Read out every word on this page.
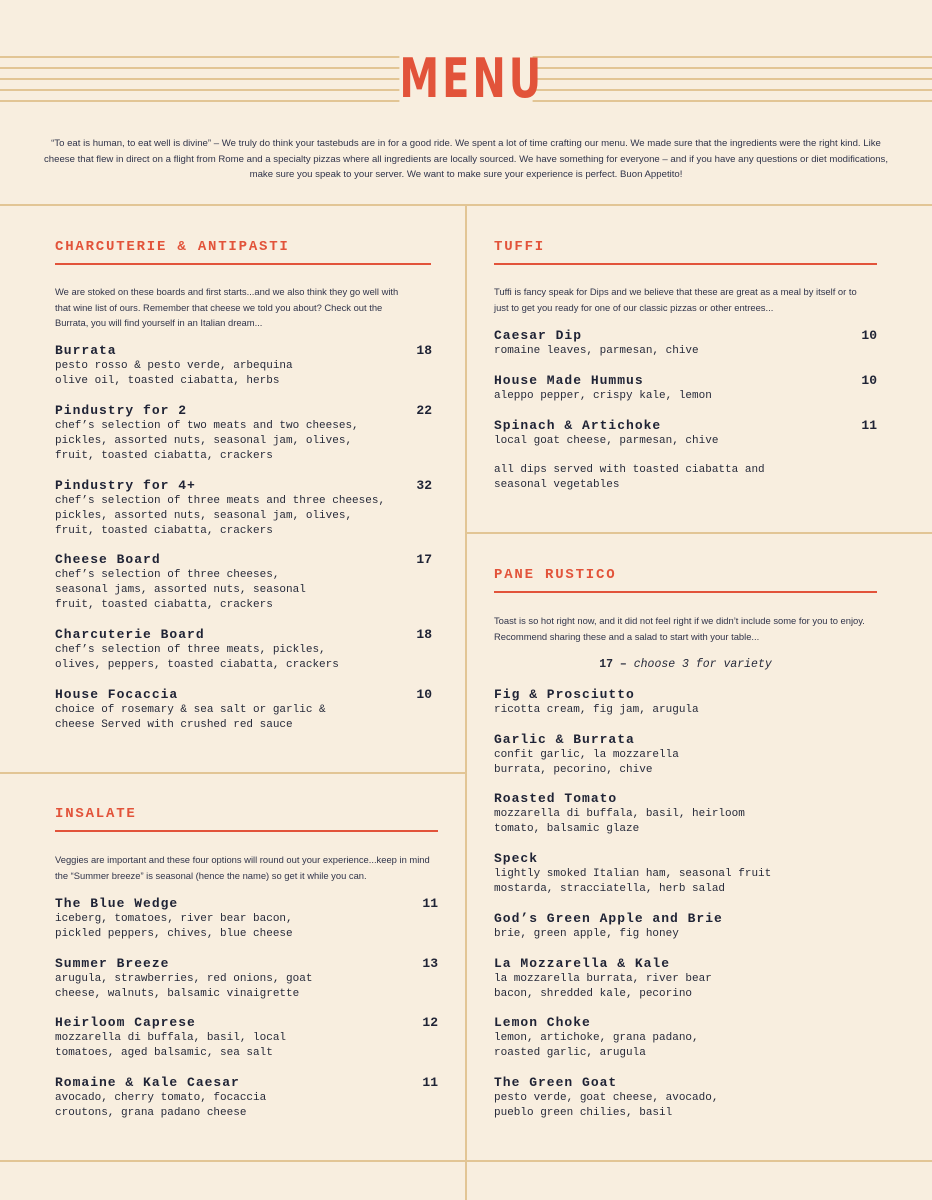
MENU
“To eat is human, to eat well is divine” – We truly do think your tastebuds are in for a good ride. We spent a lot of time crafting our menu. We made sure that the ingredients were the right kind. Like cheese that flew in direct on a flight from Rome and a specialty pizzas where all ingredients are locally sourced. We have something for everyone – and if you have any questions or diet modifications, make sure you speak to your server. We want to make sure your experience is perfect. Buon Appetito!
CHARCUTERIE & ANTIPASTI
We are stoked on these boards and first starts...and we also think they go well with that wine list of ours. Remember that cheese we told you about? Check out the Burrata, you will find yourself in an Italian dream...
Burrata	18
pesto rosso & pesto verde, arbequina olive oil, toasted ciabatta, herbs
Pindustry for 2	22
chef’s selection of two meats and two cheeses, pickles, assorted nuts, seasonal jam, olives, fruit, toasted ciabatta, crackers
Pindustry for 4+	32
chef’s selection of three meats and three cheeses, pickles, assorted nuts, seasonal jam, olives, fruit, toasted ciabatta, crackers
Cheese Board	17
chef’s selection of three cheeses, seasonal jams, assorted nuts, seasonal fruit, toasted ciabatta, crackers
Charcuterie Board	18
chef’s selection of three meats, pickles, olives, peppers, toasted ciabatta, crackers
House Focaccia	10
choice of rosemary & sea salt or garlic & cheese Served with crushed red sauce
INSALATE
Veggies are important and these four options will round out your experience...keep in mind the “Summer breeze” is seasonal (hence the name) so get it while you can.
The Blue Wedge	11
iceberg, tomatoes, river bear bacon, pickled peppers, chives, blue cheese
Summer Breeze	13
arugula, strawberries, red onions, goat cheese, walnuts, balsamic vinaigrette
Heirloom Caprese	12
mozzarella di buffala, basil, local tomatoes, aged balsamic, sea salt
Romaine & Kale Caesar	11
avocado, cherry tomato, focaccia croutons, grana padano cheese
TUFFI
Tuffi is fancy speak for Dips and we believe that these are great as a meal by itself or to just to get you ready for one of our classic pizzas or other entrees...
Caesar Dip	10
romaine leaves, parmesan, chive
House Made Hummus	10
aleppo pepper, crispy kale, lemon
Spinach & Artichoke	11
local goat cheese, parmesan, chive
all dips served with toasted ciabatta and seasonal vegetables
PANE RUSTICO
Toast is so hot right now, and it did not feel right if we didn’t include some for you to enjoy. Recommend sharing these and a salad to start with your table...
17 – choose 3 for variety
Fig & Prosciutto
ricotta cream, fig jam, arugula
Garlic & Burrata
confit garlic, la mozzarella burrata, pecorino, chive
Roasted Tomato
mozzarella di buffala, basil, heirloom tomato, balsamic glaze
Speck
lightly smoked Italian ham, seasonal fruit mostarda, stracciatella, herb salad
God’s Green Apple and Brie
brie, green apple, fig honey
La Mozzarella & Kale
la mozzarella burrata, river bear bacon, shredded kale, pecorino
Lemon Choke
lemon, artichoke, grana padano, roasted garlic, arugula
The Green Goat
pesto verde, goat cheese, avocado, pueblo green chilies, basil
